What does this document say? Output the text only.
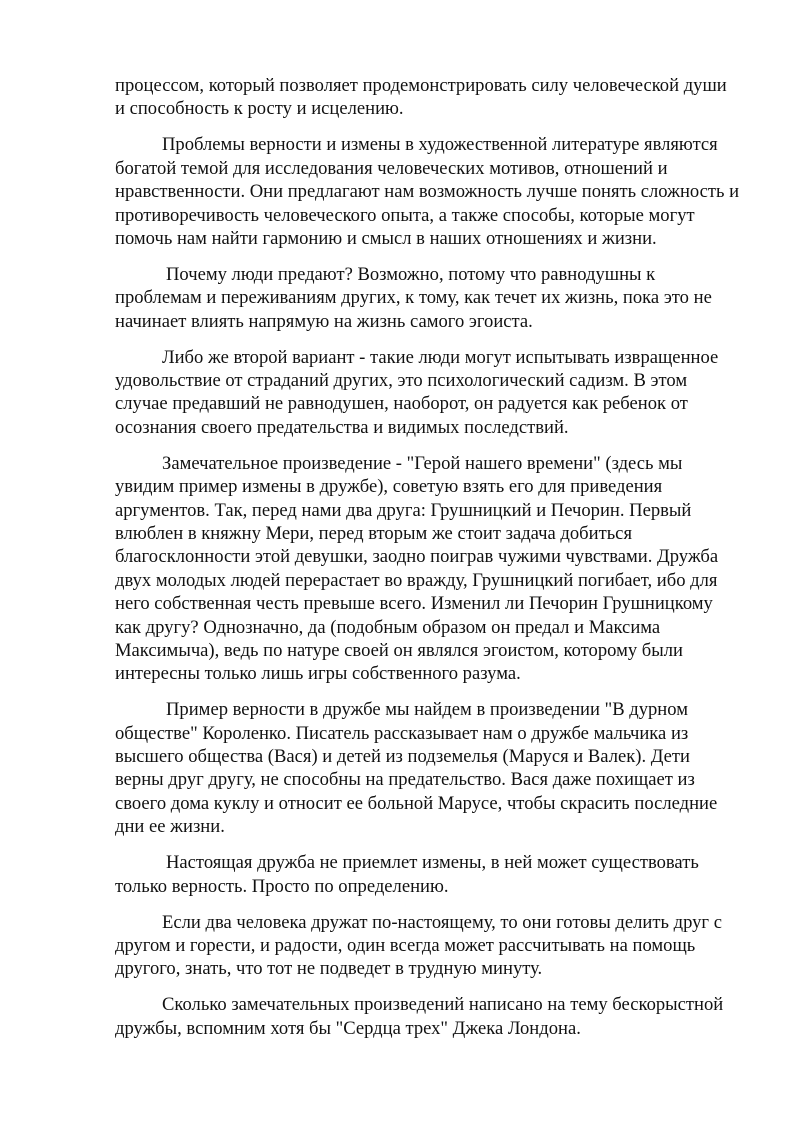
процессом, который позволяет продемонстрировать силу человеческой души и способность к росту и исцелению.

Проблемы верности и измены в художественной литературе являются богатой темой для исследования человеческих мотивов, отношений и нравственности. Они предлагают нам возможность лучше понять сложность и противоречивость человеческого опыта, а также способы, которые могут помочь нам найти гармонию и смысл в наших отношениях и жизни.

Почему люди предают? Возможно, потому что равнодушны к проблемам и переживаниям других, к тому, как течет их жизнь, пока это не начинает влиять напрямую на жизнь самого эгоиста.

Либо же второй вариант - такие люди могут испытывать извращенное удовольствие от страданий других, это психологический садизм. В этом случае предавший не равнодушен, наоборот, он радуется как ребенок от осознания своего предательства и видимых последствий.

Замечательное произведение - "Герой нашего времени" (здесь мы увидим пример измены в дружбе), советую взять его для приведения аргументов. Так, перед нами два друга: Грушницкий и Печорин. Первый влюблен в княжну Мери, перед вторым же стоит задача добиться благосклонности этой девушки, заодно поиграв чужими чувствами. Дружба двух молодых людей перерастает во вражду, Грушницкий погибает, ибо для него собственная честь превыше всего. Изменил ли Печорин Грушницкому как другу? Однозначно, да (подобным образом он предал и Максима Максимыча), ведь по натуре своей он являлся эгоистом, которому были интересны только лишь игры собственного разума.

Пример верности в дружбе мы найдем в произведении "В дурном обществе" Короленко. Писатель рассказывает нам о дружбе мальчика из высшего общества (Вася) и детей из подземелья (Маруся и Валек). Дети верны друг другу, не способны на предательство. Вася даже похищает из своего дома куклу и относит ее больной Марусе, чтобы скрасить последние дни ее жизни.

Настоящая дружба не приемлет измены, в ней может существовать только верность. Просто по определению.

Если два человека дружат по-настоящему, то они готовы делить друг с другом и горести, и радости, один всегда может рассчитывать на помощь другого, знать, что тот не подведет в трудную минуту.

Сколько замечательных произведений написано на тему бескорыстной дружбы, вспомним хотя бы "Сердца трех" Джека Лондона.
